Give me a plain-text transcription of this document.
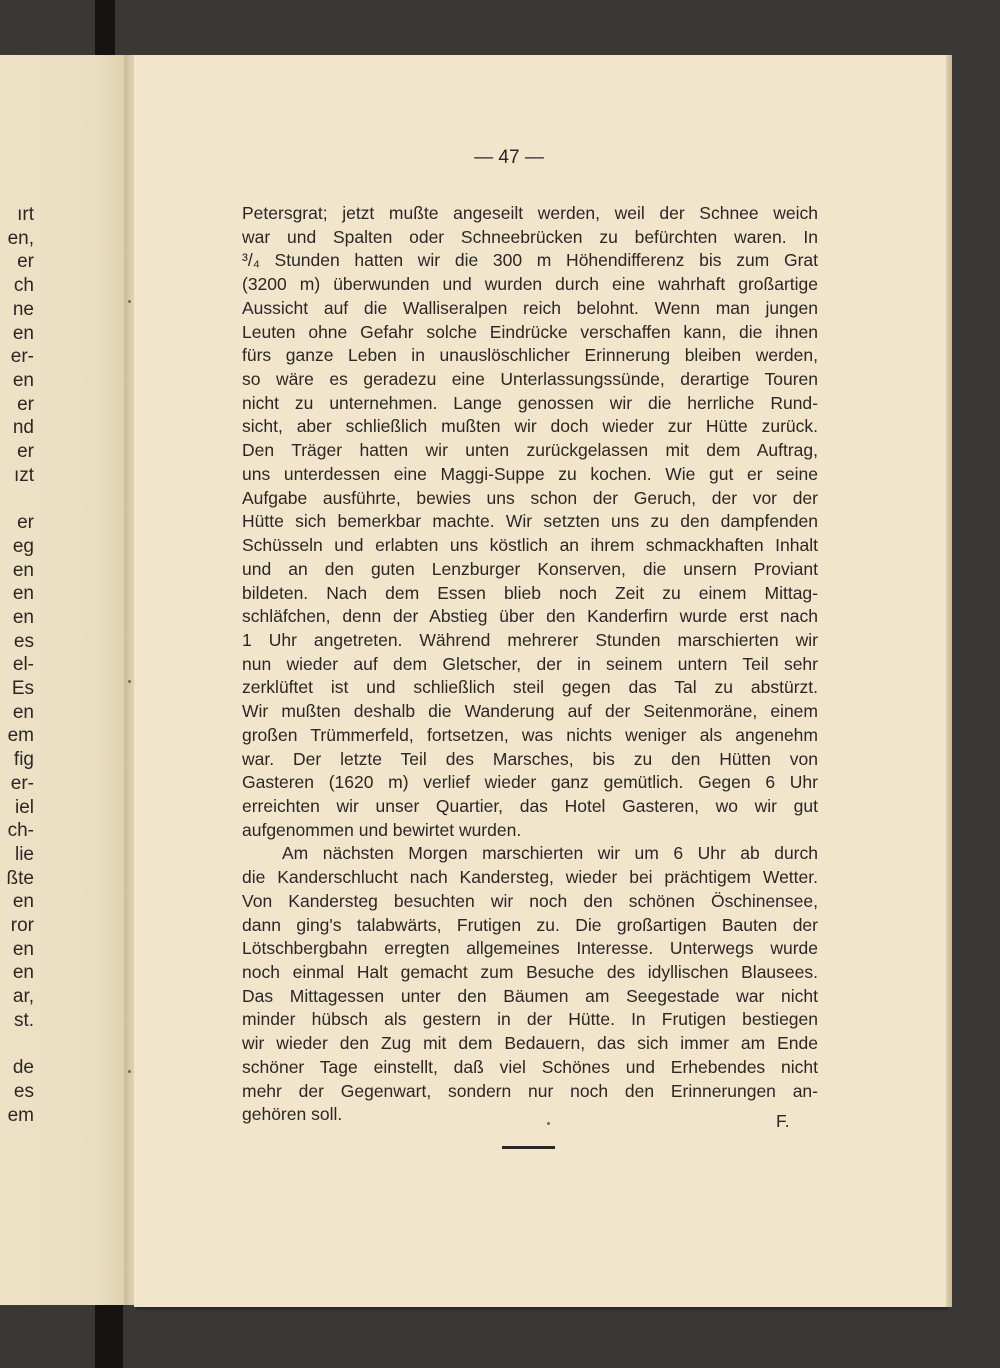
ırt
en,
er
ch
ne
en
er-
en
er
nd
er
ızt
er
eg
en
en
en
es
el-
Es
en
em
fig
er-
iel
ch-
lie
ßte
en
ror
en
en
ar,
st.
de
es
em
— 47 —
Petersgrat; jetzt mußte angeseilt werden, weil der Schnee weich
war und Spalten oder Schneebrücken zu befürchten waren. In
³/₄ Stunden hatten wir die 300 m Höhendifferenz bis zum Grat
(3200 m) überwunden und wurden durch eine wahrhaft großartige
Aussicht auf die Walliseralpen reich belohnt. Wenn man jungen
Leuten ohne Gefahr solche Eindrücke verschaffen kann, die ihnen
fürs ganze Leben in unauslöschlicher Erinnerung bleiben werden,
so wäre es geradezu eine Unterlassungssünde, derartige Touren
nicht zu unternehmen. Lange genossen wir die herrliche Rund-
sicht, aber schließlich mußten wir doch wieder zur Hütte zurück.
Den Träger hatten wir unten zurückgelassen mit dem Auftrag,
uns unterdessen eine Maggi-Suppe zu kochen. Wie gut er seine
Aufgabe ausführte, bewies uns schon der Geruch, der vor der
Hütte sich bemerkbar machte. Wir setzten uns zu den dampfenden
Schüsseln und erlabten uns köstlich an ihrem schmackhaften Inhalt
und an den guten Lenzburger Konserven, die unsern Proviant
bildeten. Nach dem Essen blieb noch Zeit zu einem Mittag-
schläfchen, denn der Abstieg über den Kanderfirn wurde erst nach
1 Uhr angetreten. Während mehrerer Stunden marschierten wir
nun wieder auf dem Gletscher, der in seinem untern Teil sehr
zerklüftet ist und schließlich steil gegen das Tal zu abstürzt.
Wir mußten deshalb die Wanderung auf der Seitenmoräne, einem
großen Trümmerfeld, fortsetzen, was nichts weniger als angenehm
war. Der letzte Teil des Marsches, bis zu den Hütten von
Gasteren (1620 m) verlief wieder ganz gemütlich. Gegen 6 Uhr
erreichten wir unser Quartier, das Hotel Gasteren, wo wir gut
aufgenommen und bewirtet wurden.
Am nächsten Morgen marschierten wir um 6 Uhr ab durch
die Kanderschlucht nach Kandersteg, wieder bei prächtigem Wetter.
Von Kandersteg besuchten wir noch den schönen Öschinensee,
dann ging's talabwärts, Frutigen zu. Die großartigen Bauten der
Lötschbergbahn erregten allgemeines Interesse. Unterwegs wurde
noch einmal Halt gemacht zum Besuche des idyllischen Blausees.
Das Mittagessen unter den Bäumen am Seegestade war nicht
minder hübsch als gestern in der Hütte. In Frutigen bestiegen
wir wieder den Zug mit dem Bedauern, das sich immer am Ende
schöner Tage einstellt, daß viel Schönes und Erhebendes nicht
mehr der Gegenwart, sondern nur noch den Erinnerungen an-
gehören soll.	F.
